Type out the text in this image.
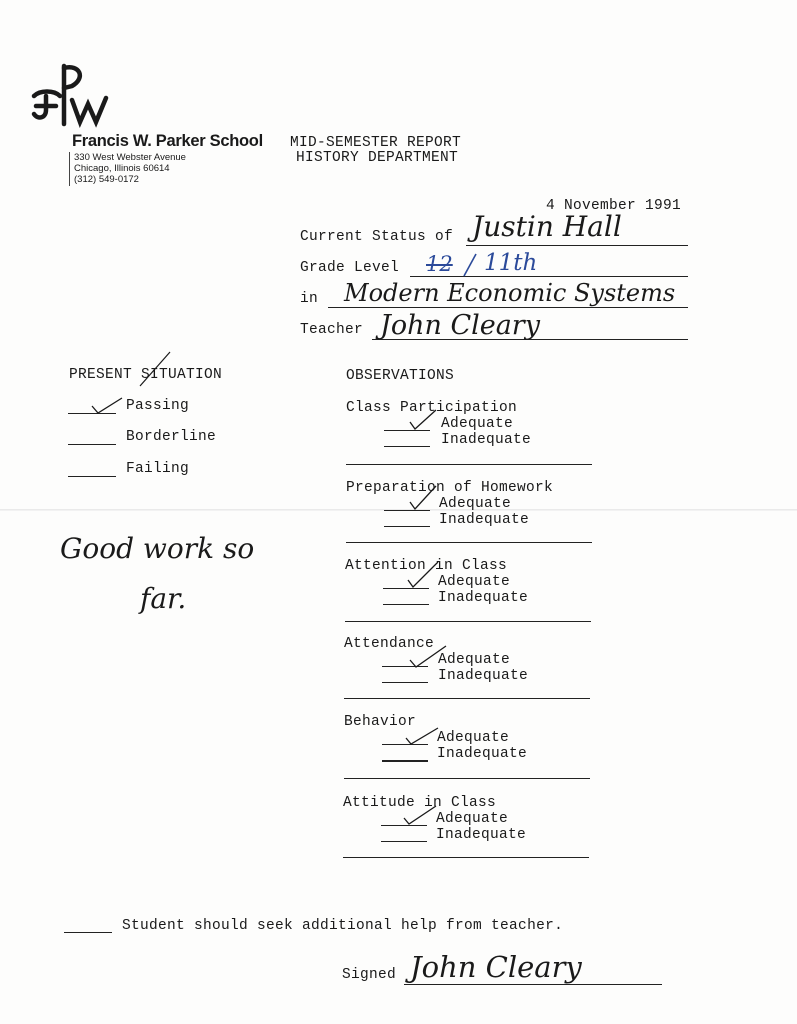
Francis W. Parker School
330 West Webster Avenue
Chicago, Illinois 60614
(312) 549-0172
MID-SEMESTER REPORT
HISTORY DEPARTMENT
4 November 1991
Current Status of Justin Hall
Grade Level 12 11th
in Modern Economic Systems
Teacher John Cleary
PRESENT SITUATION
Passing
Borderline
Failing
Good work so
far.
OBSERVATIONS
Class Participation
Adequate
Inadequate
Preparation of Homework
Adequate
Inadequate
Attention in Class
Adequate
Inadequate
Attendance
Adequate
Inadequate
Behavior
Adequate
Inadequate
Attitude in Class
Adequate
Inadequate
Student should seek additional help from teacher.
Signed John Cleary
